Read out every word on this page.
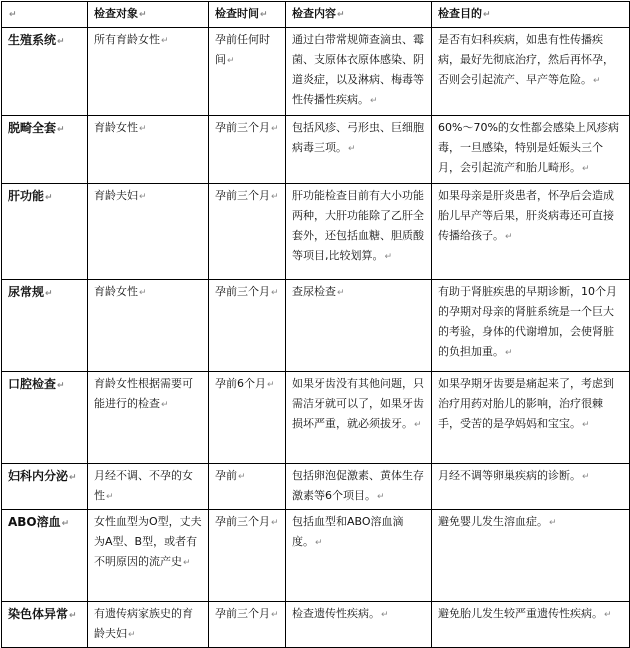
↵	检查对象↵	检查时间↵	检查内容↵	检查目的↵
生殖系统↵	所有育龄女性↵	孕前任何时间↵	通过白带常规筛查滴虫、霉菌、支原体衣原体感染、阴道炎症，以及淋病、梅毒等性传播性疾病。↵	是否有妇科疾病，如患有性传播疾病，最好先彻底治疗，然后再怀孕，否则会引起流产、早产等危险。↵
脱畸全套↵	育龄女性↵	孕前三个月↵	包括风疹、弓形虫、巨细胞病毒三项。↵	60%～70%的女性都会感染上风疹病毒，一旦感染，特别是妊娠头三个月，会引起流产和胎儿畸形。↵
肝功能↵	育龄夫妇↵	孕前三个月↵	肝功能检查目前有大小功能两种，大肝功能除了乙肝全套外，还包括血糖、胆质酸等项目,比较划算。↵	如果母亲是肝炎患者，怀孕后会造成胎儿早产等后果，肝炎病毒还可直接传播给孩子。↵
尿常规↵	育龄女性↵	孕前三个月↵	查尿检查↵	有助于肾脏疾患的早期诊断，10个月的孕期对母亲的肾脏系统是一个巨大的考验，身体的代谢增加，会使肾脏的负担加重。↵
口腔检查↵	育龄女性根据需要可能进行的检查↵	孕前6个月↵	如果牙齿没有其他问题，只需洁牙就可以了，如果牙齿损坏严重，就必须拔牙。↵	如果孕期牙齿要是痛起来了，考虑到治疗用药对胎儿的影响，治疗很棘手，受苦的是孕妈妈和宝宝。↵
妇科内分泌↵	月经不调、不孕的女性↵	孕前↵	包括卵泡促激素、黄体生存激素等6个项目。↵	月经不调等卵巢疾病的诊断。↵
ABO溶血↵	女性血型为O型，丈夫为A型、B型，或者有不明原因的流产史↵	孕前三个月↵	包括血型和ABO溶血滴度。↵	避免婴儿发生溶血症。↵
染色体异常↵	有遗传病家族史的育龄夫妇↵	孕前三个月↵	检查遗传性疾病。↵	避免胎儿发生较严重遗传性疾病。↵
